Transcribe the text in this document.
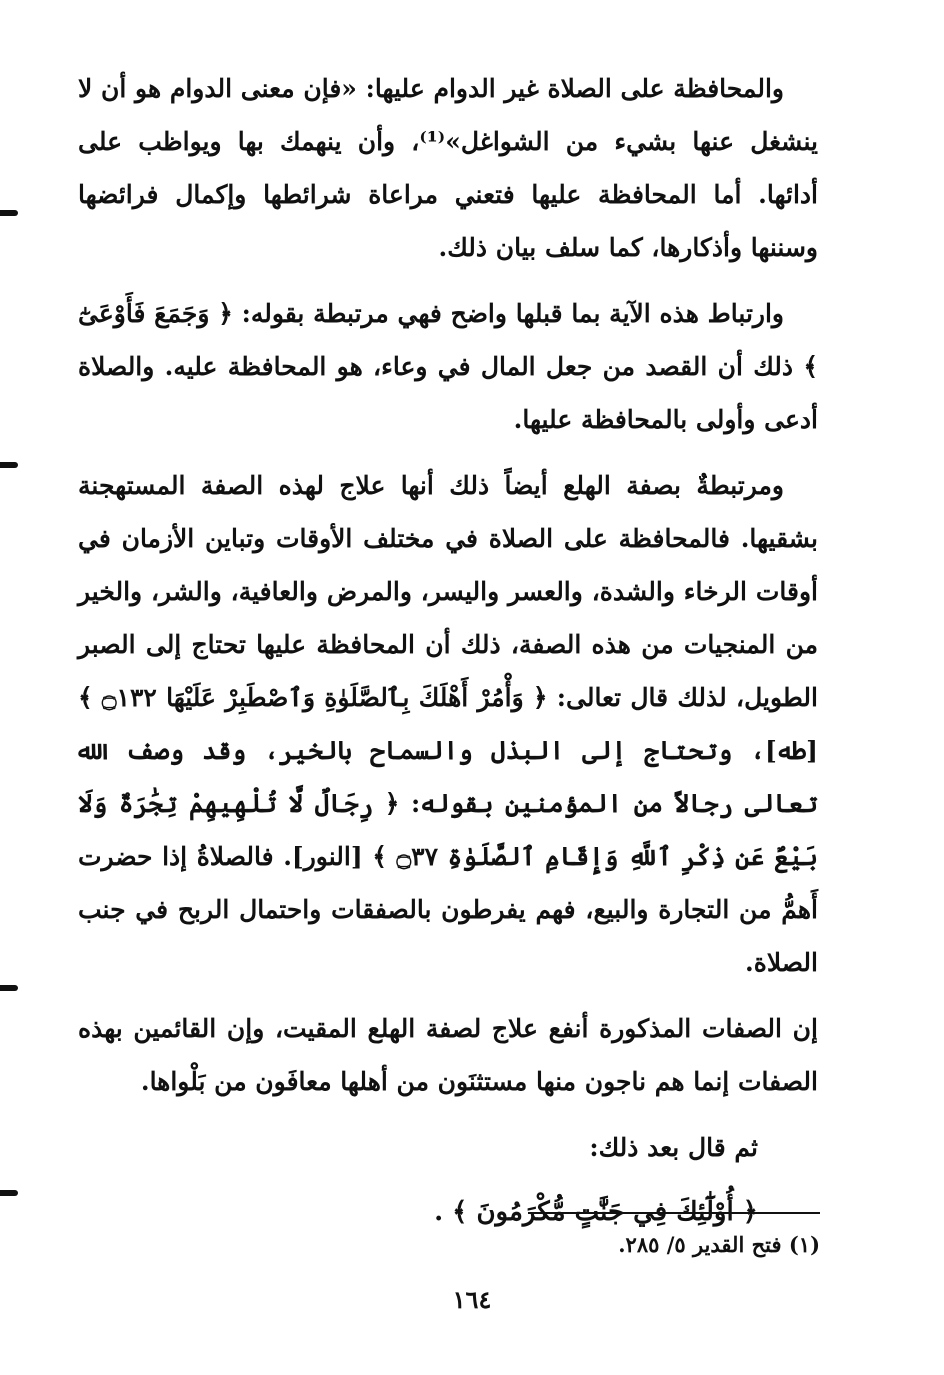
والمحافظة على الصلاة غير الدوام عليها: «فإن معنى الدوام هو أن لا ينشغل عنها بشيء من الشواغل»⁽¹⁾، وأن ينهمك بها ويواظب على أدائها. أما المحافظة عليها فتعني مراعاة شرائطها وإكمال فرائضها وسننها وأذكارها، كما سلف بيان ذلك.

وارتباط هذه الآية بما قبلها واضح فهي مرتبطة بقوله: ﴿ وَجَمَعَ فَأَوْعَىٰٓ ﴾ ذلك أن القصد من جعل المال في وعاء، هو المحافظة عليه. والصلاة أدعى وأولى بالمحافظة عليها.

ومرتبطةٌ بصفة الهلع أيضاً ذلك أنها علاج لهذه الصفة المستهجنة بشقيها. فالمحافظة على الصلاة في مختلف الأوقات وتباين الأزمان في أوقات الرخاء والشدة، والعسر واليسر، والمرض والعافية، والشر، والخير من المنجيات من هذه الصفة، ذلك أن المحافظة عليها تحتاج إلى الصبر الطويل، لذلك قال تعالى: ﴿ وَأْمُرْ أَهْلَكَ بِٱلصَّلَوٰةِ وَٱصْطَبِرْ عَلَيْهَا ۝١٣٢ ﴾[طه]، وتحتاج إلى البذل والسماح بالخير، وقد وصف الله تعالى رجالاً من المؤمنين بقوله: ﴿ رِجَالٌ لَّا تُلْهِيهِمْ تِجَٰرَةٌ وَلَا بَيْعٌ عَن ذِكْرِ ٱللَّهِ وَإِقَامِ ٱلصَّلَوٰةِ ۝٣٧ ﴾ [النور]. فالصلاةُ إذا حضرت أَهمُّ من التجارة والبيع، فهم يفرطون بالصفقات واحتمال الربح في جنب الصلاة.

إن الصفات المذكورة أنفع علاج لصفة الهلع المقيت، وإن القائمين بهذه الصفات إنما هم ناجون منها مستثنَون من أهلها معافَون من بَلْواها.

ثم قال بعد ذلك:

﴿ أُوْلَٰٓئِكَ فِي جَنَّٰتٍ مُّكْرَمُونَ ﴾ .

(١) فتح القدير ٥/ ٢٨٥.

١٦٤
